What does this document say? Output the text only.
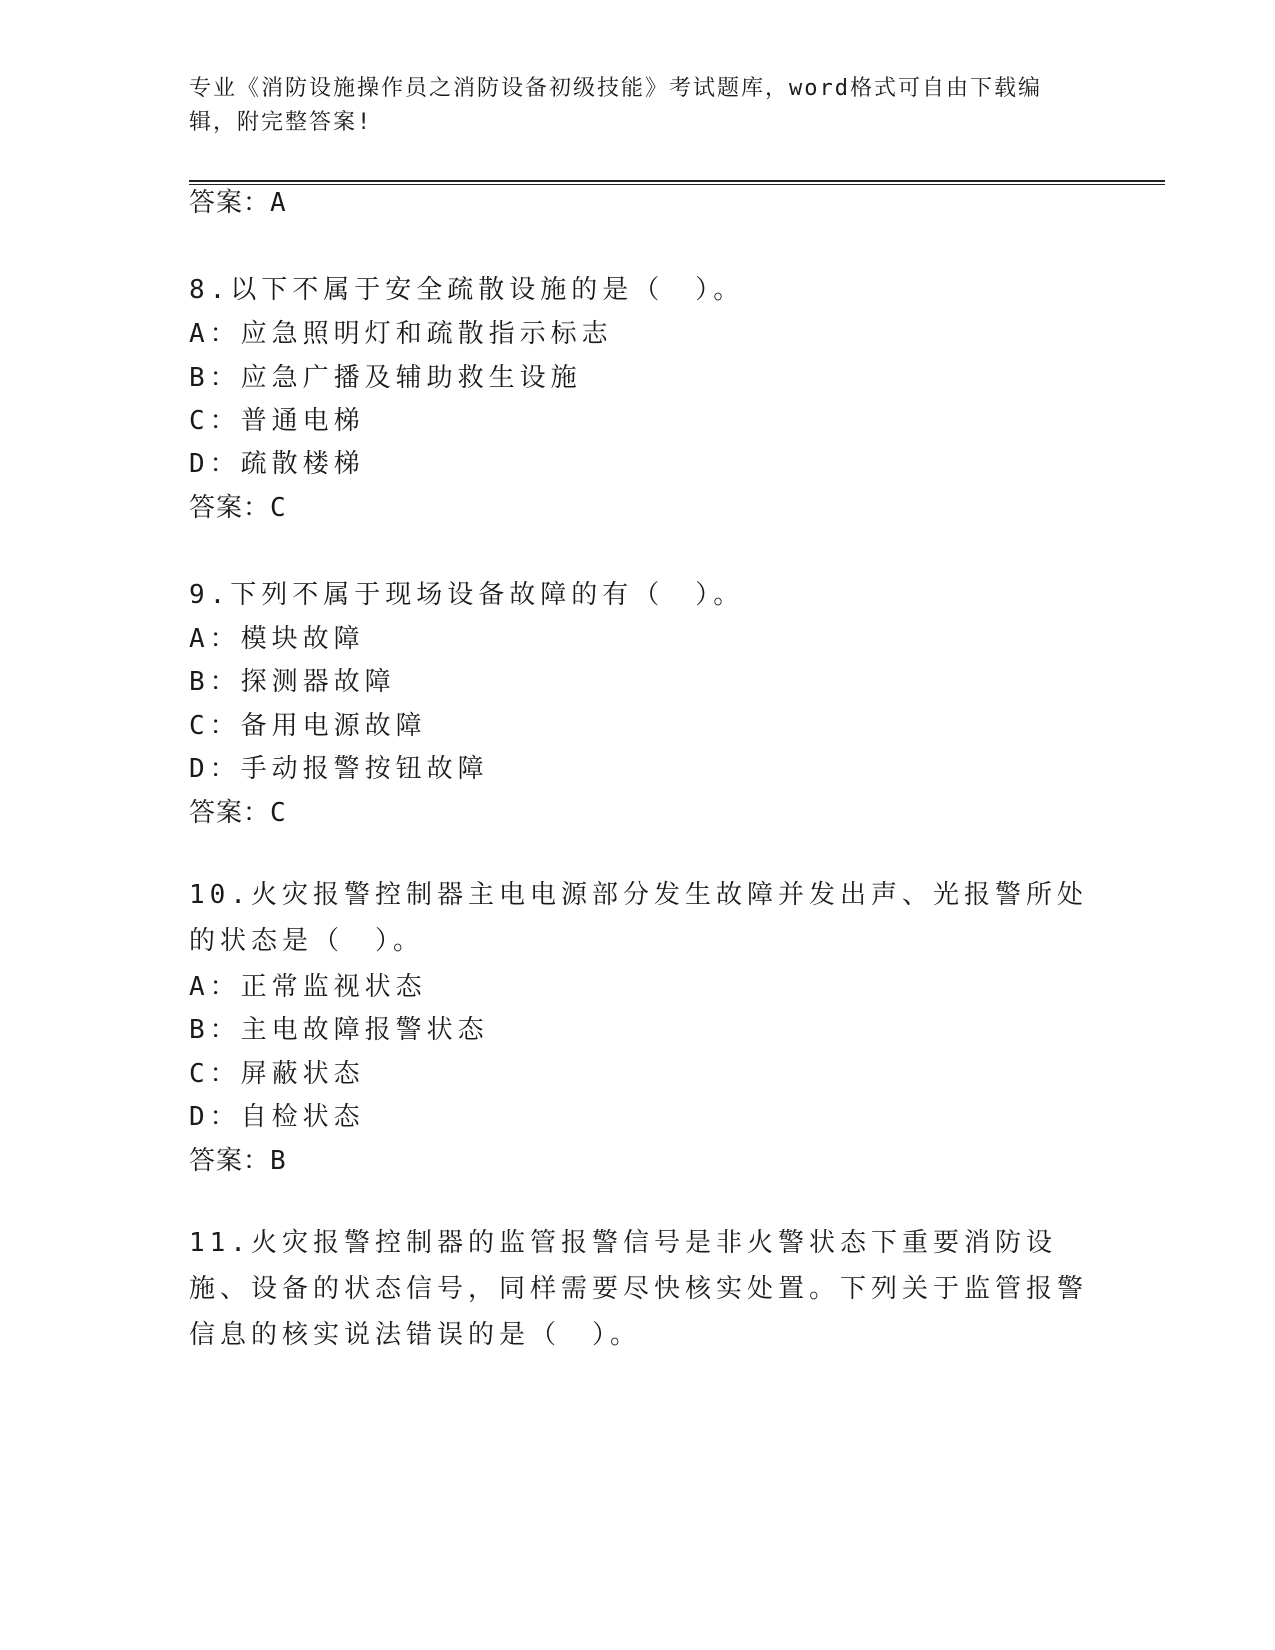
专业《消防设施操作员之消防设备初级技能》考试题库，word格式可自由下载编辑，附完整答案!
答案：A
8.以下不属于安全疏散设施的是（　）。
A：应急照明灯和疏散指示标志
B：应急广播及辅助救生设施
C：普通电梯
D：疏散楼梯
答案：C
9.下列不属于现场设备故障的有（　）。
A：模块故障
B：探测器故障
C：备用电源故障
D：手动报警按钮故障
答案：C
10.火灾报警控制器主电电源部分发生故障并发出声、光报警所处的状态是（　）。
A：正常监视状态
B：主电故障报警状态
C：屏蔽状态
D：自检状态
答案：B
11.火灾报警控制器的监管报警信号是非火警状态下重要消防设施、设备的状态信号，同样需要尽快核实处置。下列关于监管报警信息的核实说法错误的是（　）。
